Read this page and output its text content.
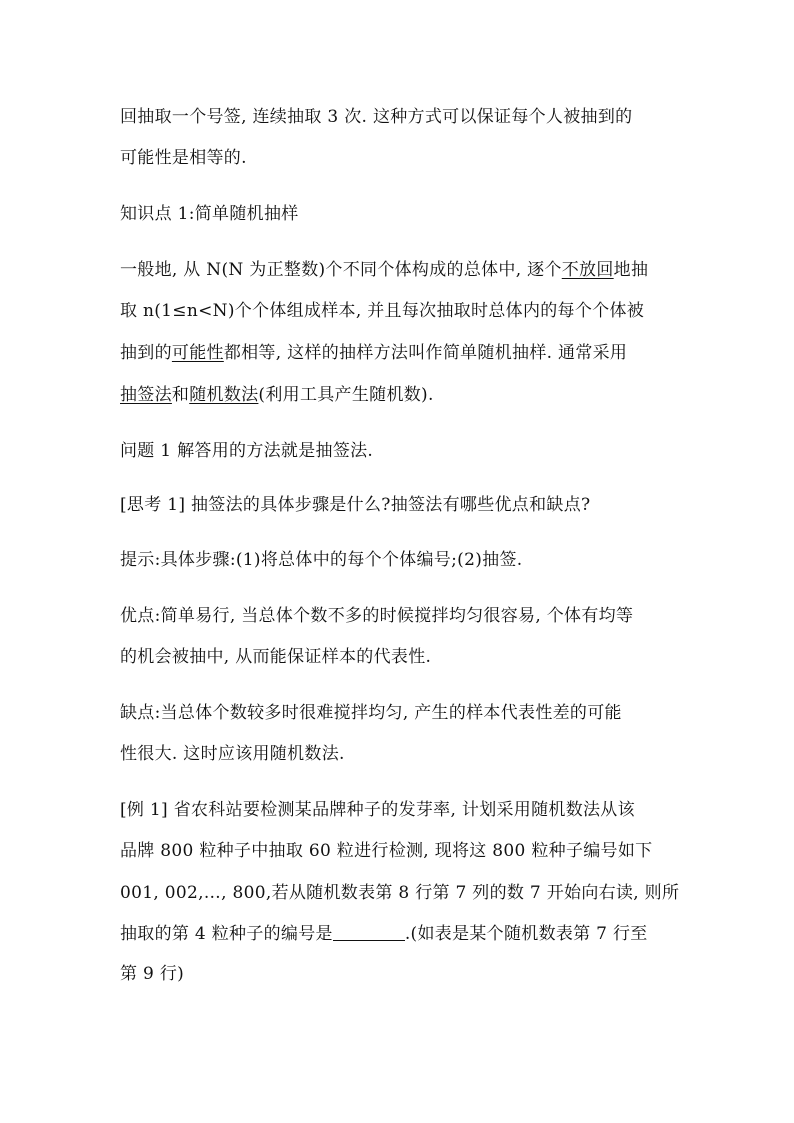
回抽取一个号签, 连续抽取 3 次. 这种方式可以保证每个人被抽到的
可能性是相等的.
知识点 1:简单随机抽样
一般地, 从 N(N 为正整数)个不同个体构成的总体中, 逐个不放回地抽
取 n(1≤n<N)个个体组成样本, 并且每次抽取时总体内的每个个体被
抽到的可能性都相等, 这样的抽样方法叫作简单随机抽样. 通常采用
抽签法和随机数法(利用工具产生随机数).
问题 1 解答用的方法就是抽签法.
[思考 1] 抽签法的具体步骤是什么?抽签法有哪些优点和缺点?
提示:具体步骤:(1)将总体中的每个个体编号;(2)抽签.
优点:简单易行, 当总体个数不多的时候搅拌均匀很容易, 个体有均等
的机会被抽中, 从而能保证样本的代表性.
缺点:当总体个数较多时很难搅拌均匀, 产生的样本代表性差的可能
性很大. 这时应该用随机数法.
[例 1] 省农科站要检测某品牌种子的发芽率, 计划采用随机数法从该
品牌 800 粒种子中抽取 60 粒进行检测, 现将这 800 粒种子编号如下
001, 002,…, 800,若从随机数表第 8 行第 7 列的数 7 开始向右读, 则所
抽取的第 4 粒种子的编号是	.(如表是某个随机数表第 7 行至
第 9 行)
